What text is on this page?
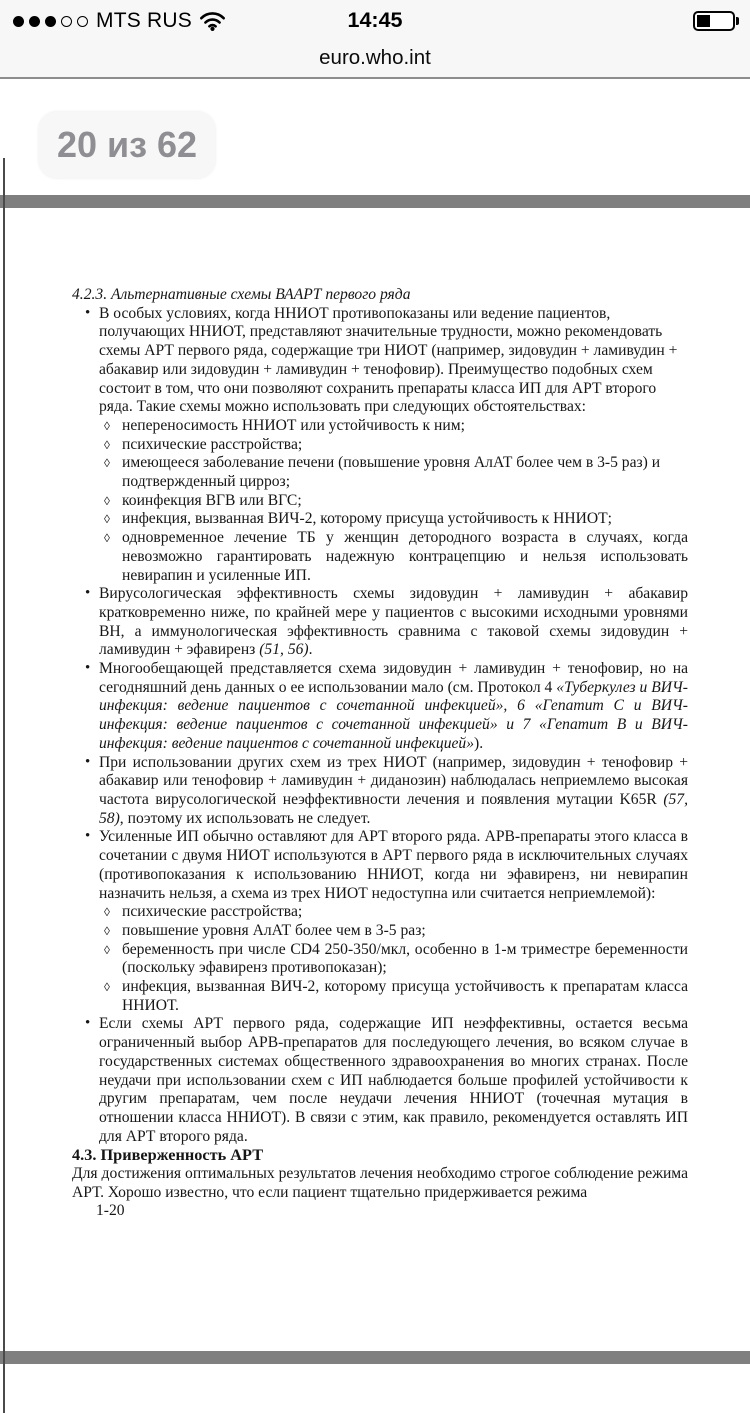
MTS RUS	14:45
euro.who.int
4.2.3. Альтернативные схемы ВААРТ первого ряда
• В особых условиях, когда ННИОТ противопоказаны или ведение пациентов, получающих ННИОТ, представляют значительные трудности, можно рекомендовать схемы АРТ первого ряда, содержащие три НИОТ (например, зидовудин + ламивудин + абакавир или зидовудин + ламивудин + тенофовир). Преимущество подобных схем состоит в том, что они позволяют сохранить препараты класса ИП для АРТ второго ряда. Такие схемы можно использовать при следующих обстоятельствах:
◊ непереносимость ННИОТ или устойчивость к ним;
◊ психические расстройства;
◊ имеющееся заболевание печени (повышение уровня АлАТ более чем в 3-5 раз) и подтвержденный цирроз;
◊ коинфекция ВГВ или ВГС;
◊ инфекция, вызванная ВИЧ-2, которому присуща устойчивость к ННИОТ;
◊ одновременное лечение ТБ у женщин детородного возраста в случаях, когда невозможно гарантировать надежную контрацепцию и нельзя использовать невирапин и усиленные ИП.
• Вирусологическая эффективность схемы зидовудин + ламивудин + абакавир кратковременно ниже, по крайней мере у пациентов с высокими исходными уровнями ВН, а иммунологическая эффективность сравнима с таковой схемы зидовудин + ламивудин + эфавиренз (51, 56).
• Многообещающей представляется схема зидовудин + ламивудин + тенофовир, но на сегодняшний день данных о ее использовании мало (см. Протокол 4 «Туберкулез и ВИЧ-инфекция: ведение пациентов с сочетанной инфекцией», 6 «Гепатит C и ВИЧ-инфекция: ведение пациентов с сочетанной инфекцией» и 7 «Гепатит B и ВИЧ-инфекция: ведение пациентов с сочетанной инфекцией»).
• При использовании других схем из трех НИОТ (например, зидовудин + тенофовир + абакавир или тенофовир + ламивудин + диданозин) наблюдалась неприемлемо высокая частота вирусологической неэффективности лечения и появления мутации K65R (57, 58), поэтому их использовать не следует.
• Усиленные ИП обычно оставляют для АРТ второго ряда. АРВ-препараты этого класса в сочетании с двумя НИОТ используются в АРТ первого ряда в исключительных случаях (противопоказания к использованию ННИОТ, когда ни эфавиренз, ни невирапин назначить нельзя, а схема из трех НИОТ недоступна или считается неприемлемой):
◊ психические расстройства;
◊ повышение уровня АлАТ более чем в 3-5 раз;
◊ беременность при числе CD4 250-350/мкл, особенно в 1-м триместре беременности (поскольку эфавиренз противопоказан);
◊ инфекция, вызванная ВИЧ-2, которому присуща устойчивость к препаратам класса ННИОТ.
• Если схемы АРТ первого ряда, содержащие ИП неэффективны, остается весьма ограниченный выбор АРВ-препаратов для последующего лечения, во всяком случае в государственных системах общественного здравоохранения во многих странах. После неудачи при использовании схем с ИП наблюдается больше профилей устойчивости к другим препаратам, чем после неудачи лечения ННИОТ (точечная мутация в отношении класса ННИОТ). В связи с этим, как правило, рекомендуется оставлять ИП для АРТ второго ряда.
4.3. Приверженность АРТ
Для достижения оптимальных результатов лечения необходимо строгое соблюдение режима АРТ. Хорошо известно, что если пациент тщательно придерживается режима
1-20
20 из 62
